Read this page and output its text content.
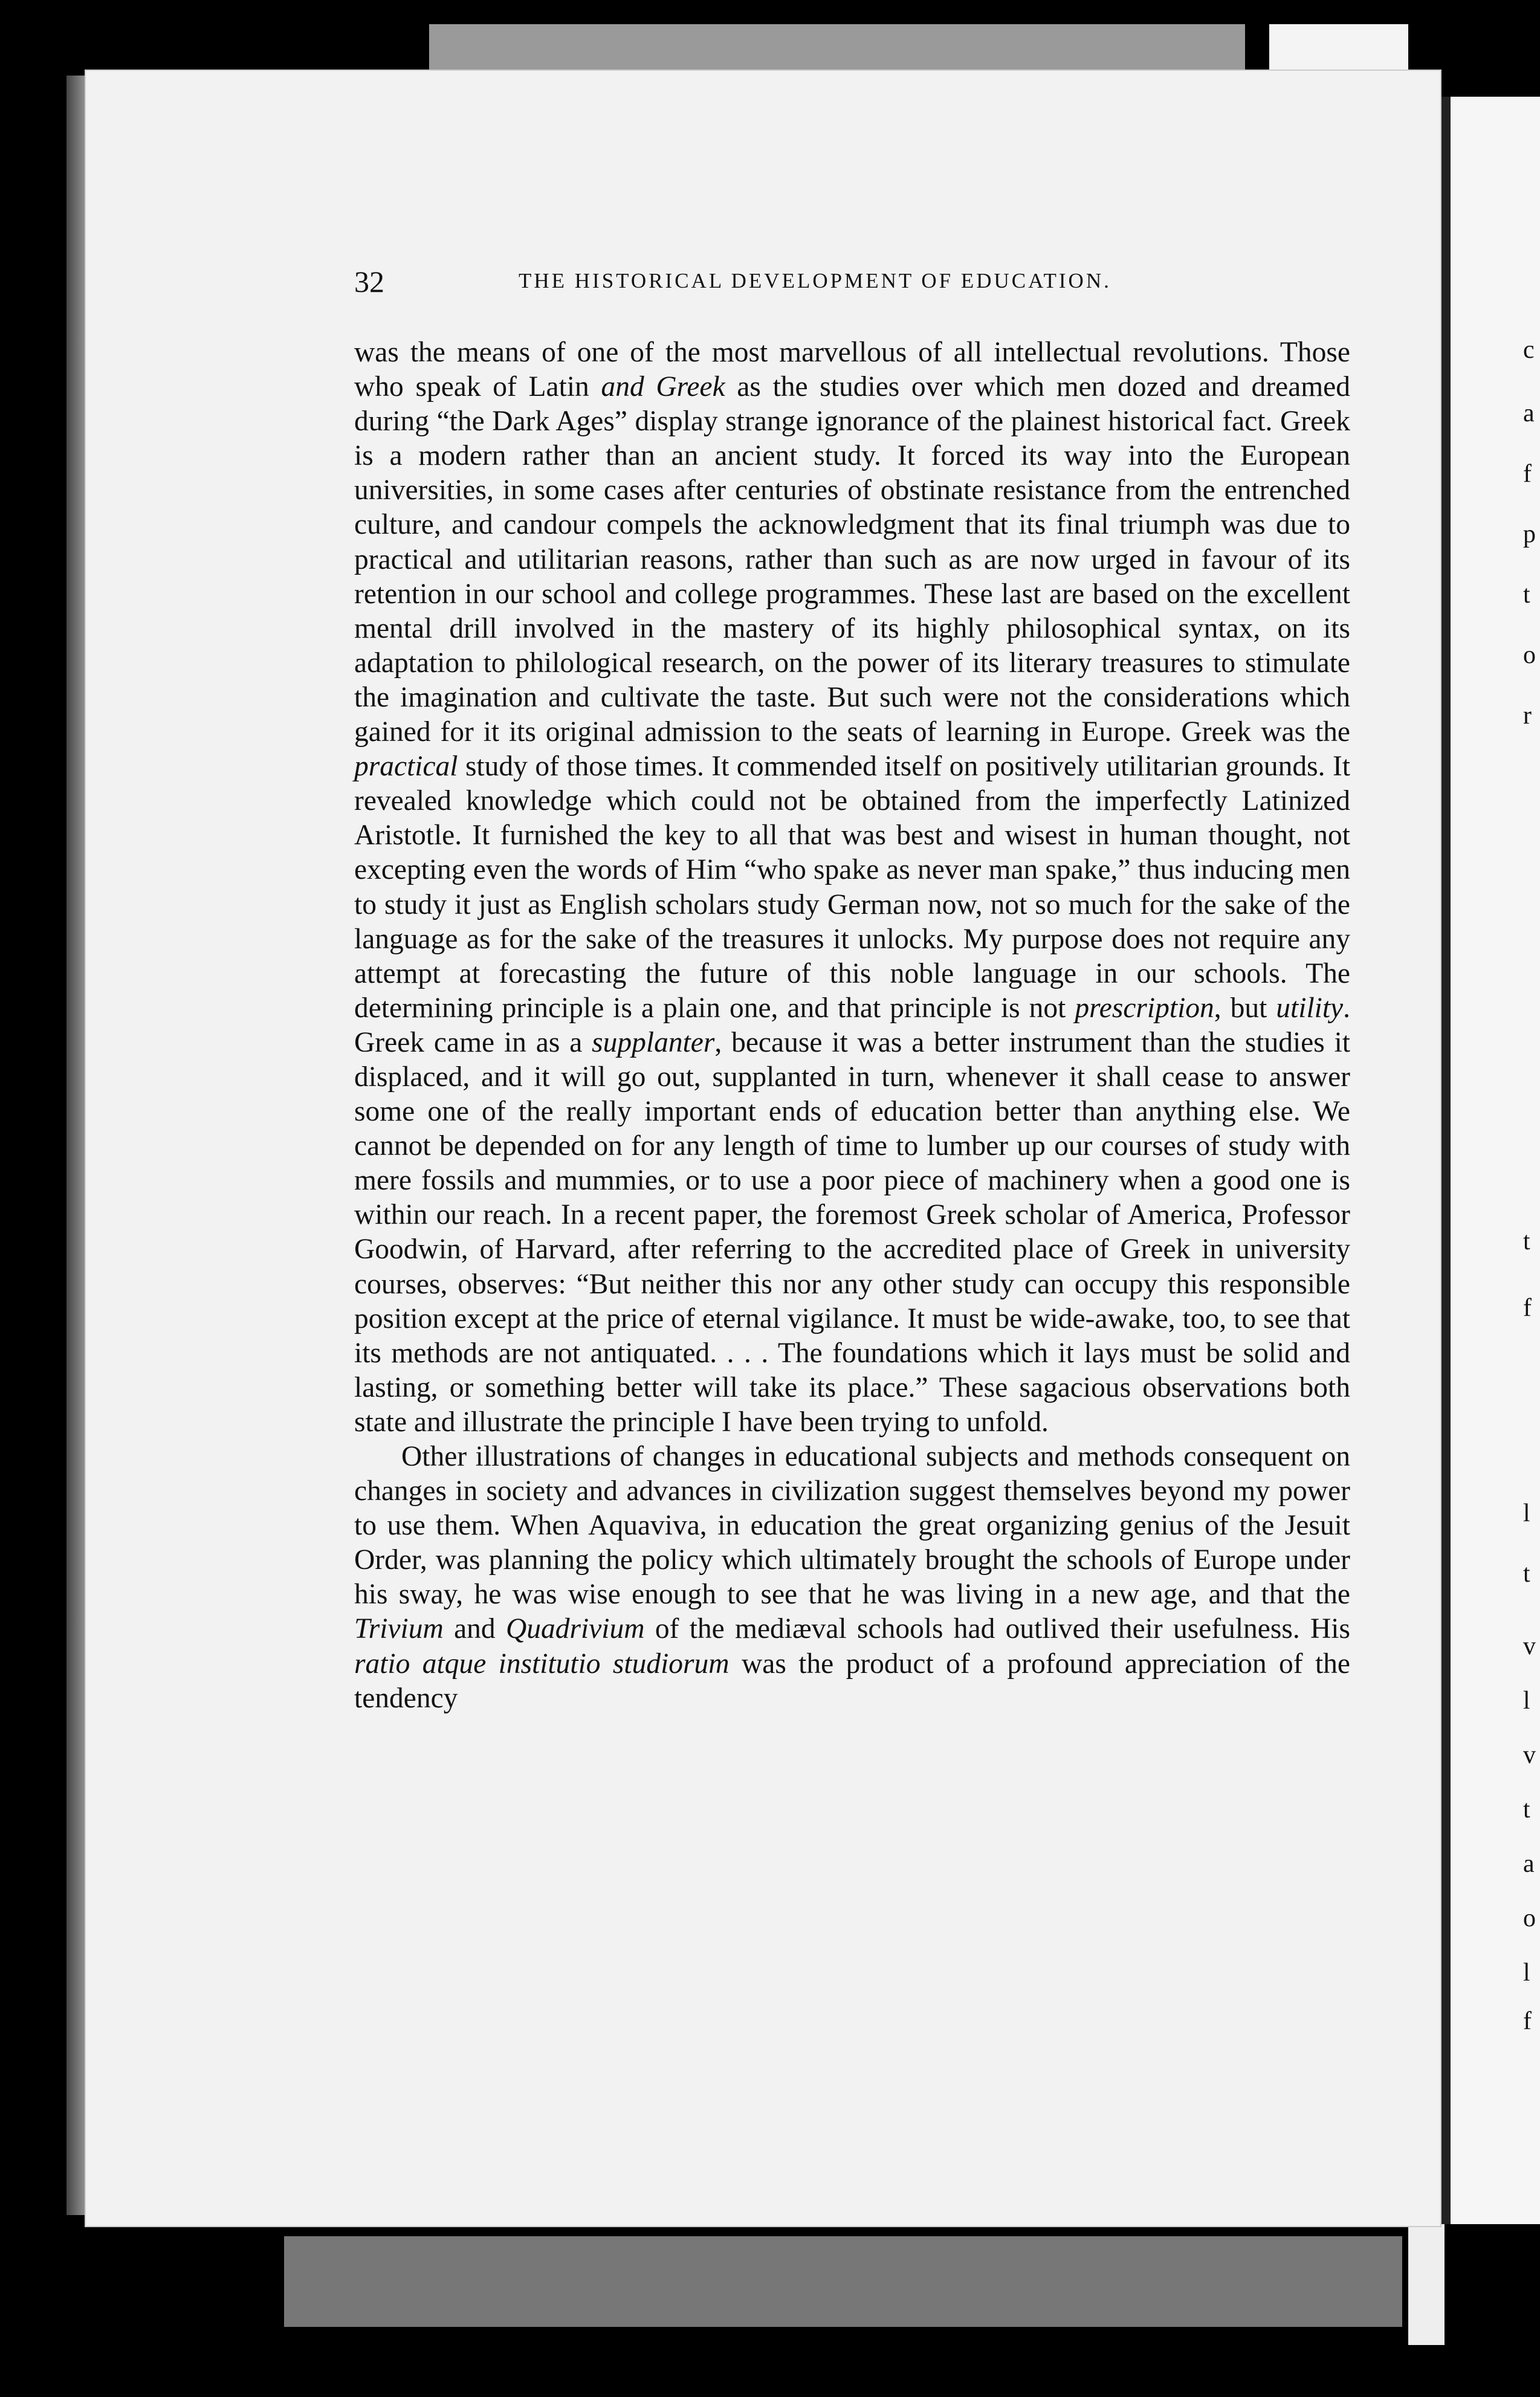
c
a
f
p
t
o
r
t
f
l
t
v
l
v
t
a
o
l
f
32	THE HISTORICAL DEVELOPMENT OF EDUCATION.

was the means of one of the most marvellous of all intellectual revolutions. Those who speak of Latin and Greek as the studies over which men dozed and dreamed during “the Dark Ages” display strange ignorance of the plainest historical fact. Greek is a modern rather than an ancient study. It forced its way into the European universities, in some cases after centuries of obstinate resistance from the entrenched culture, and candour compels the acknowledgment that its final triumph was due to practical and utilitarian reasons, rather than such as are now urged in favour of its retention in our school and college programmes. These last are based on the excellent mental drill involved in the mastery of its highly philosophical syntax, on its adaptation to philological research, on the power of its literary treasures to stimulate the imagination and cultivate the taste. But such were not the considerations which gained for it its original admission to the seats of learning in Europe. Greek was the practical study of those times. It commended itself on positively utilitarian grounds. It revealed knowledge which could not be obtained from the imperfectly Latinized Aristotle. It furnished the key to all that was best and wisest in human thought, not excepting even the words of Him “who spake as never man spake,” thus inducing men to study it just as English scholars study German now, not so much for the sake of the language as for the sake of the treasures it unlocks. My purpose does not require any attempt at forecasting the future of this noble language in our schools. The determining principle is a plain one, and that principle is not prescription, but utility. Greek came in as a supplanter, because it was a better instrument than the studies it displaced, and it will go out, supplanted in turn, whenever it shall cease to answer some one of the really important ends of education better than anything else. We cannot be depended on for any length of time to lumber up our courses of study with mere fossils and mummies, or to use a poor piece of machinery when a good one is within our reach. In a recent paper, the foremost Greek scholar of America, Professor Goodwin, of Harvard, after referring to the accredited place of Greek in university courses, observes: “But neither this nor any other study can occupy this responsible position except at the price of eternal vigilance. It must be wide-awake, too, to see that its methods are not antiquated. . . . The foundations which it lays must be solid and lasting, or something better will take its place.” These sagacious observations both state and illustrate the principle I have been trying to unfold.

Other illustrations of changes in educational subjects and methods consequent on changes in society and advances in civilization suggest themselves beyond my power to use them. When Aquaviva, in education the great organizing genius of the Jesuit Order, was planning the policy which ultimately brought the schools of Europe under his sway, he was wise enough to see that he was living in a new age, and that the Trivium and Quadrivium of the mediæval schools had outlived their usefulness. His ratio atque institutio studiorum was the product of a profound appreciation of the tendency
